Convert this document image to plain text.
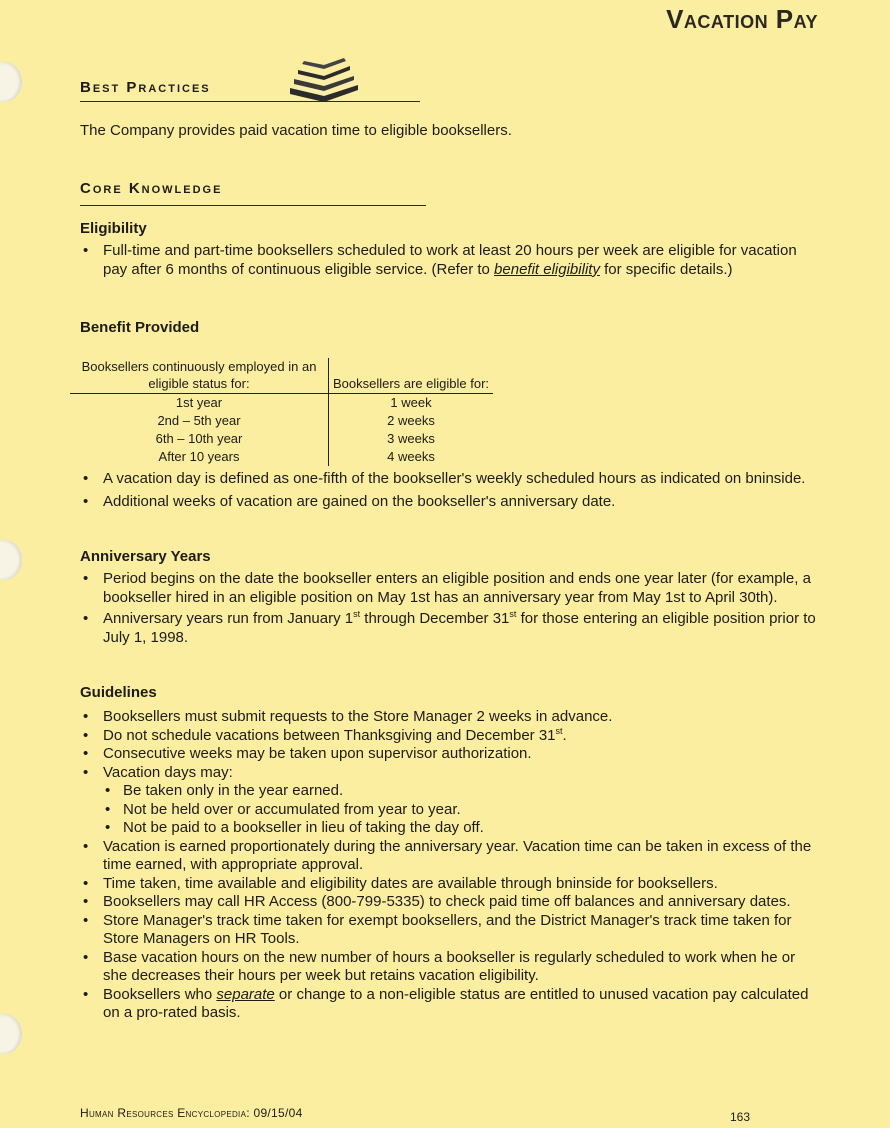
Vacation Pay
Best Practices

The Company provides paid vacation time to eligible booksellers.

Core Knowledge
Eligibility
• Full-time and part-time booksellers scheduled to work at least 20 hours per week are eligible for vacation pay after 6 months of continuous eligible service. (Refer to benefit eligibility for specific details.)
Benefit Provided
Booksellers continuously employed in an eligible status for:	Booksellers are eligible for:
1st year	1 week
2nd – 5th year	2 weeks
6th – 10th year	3 weeks
After 10 years	4 weeks
• A vacation day is defined as one-fifth of the bookseller's weekly scheduled hours as indicated on bninside.
• Additional weeks of vacation are gained on the bookseller's anniversary date.
Anniversary Years
• Period begins on the date the bookseller enters an eligible position and ends one year later (for example, a bookseller hired in an eligible position on May 1st has an anniversary year from May 1st to April 30th).
• Anniversary years run from January 1st through December 31st for those entering an eligible position prior to July 1, 1998.
Guidelines
• Booksellers must submit requests to the Store Manager 2 weeks in advance.
• Do not schedule vacations between Thanksgiving and December 31st.
• Consecutive weeks may be taken upon supervisor authorization.
• Vacation days may:
• Be taken only in the year earned.
• Not be held over or accumulated from year to year.
• Not be paid to a bookseller in lieu of taking the day off.
• Vacation is earned proportionately during the anniversary year. Vacation time can be taken in excess of the time earned, with appropriate approval.
• Time taken, time available and eligibility dates are available through bninside for booksellers.
• Booksellers may call HR Access (800-799-5335) to check paid time off balances and anniversary dates.
• Store Manager's track time taken for exempt booksellers, and the District Manager's track time taken for Store Managers on HR Tools.
• Base vacation hours on the new number of hours a bookseller is regularly scheduled to work when he or she decreases their hours per week but retains vacation eligibility.
• Booksellers who separate or change to a non-eligible status are entitled to unused vacation pay calculated on a pro-rated basis.

Human Resources Encyclopedia: 09/15/04	163
